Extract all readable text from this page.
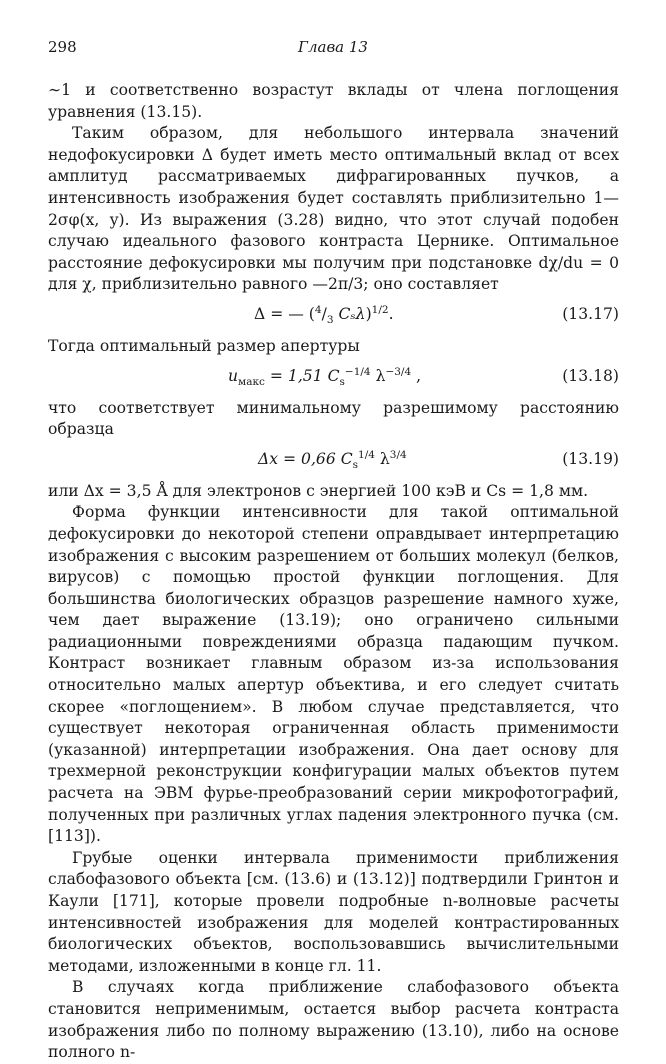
298	Глава 13

∼1 и соответственно возрастут вклады от члена поглощения уравнения (13.15).

Таким образом, для небольшого интервала значений недофокусировки Δ будет иметь место оптимальный вклад от всех амплитуд рассматриваемых дифрагированных пучков, а интенсивность изображения будет составлять приблизительно 1—2σφ(x, y). Из выражения (3.28) видно, что этот случай подобен случаю идеального фазового контраста Цернике. Оптимальное расстояние дефокусировки мы получим при подстановке dχ/du = 0 для χ, приблизительно равного —2π/3; оно составляет

Δ = — ($^4/_3$ Cₛλ)$^{1/2}$.	(13.17)

Тогда оптимальный размер апертуры

$u_{макс} = 1,51$ $C_s^{-1/4}$ $\lambda^{-3/4}$ ,	(13.18)

что соответствует минимальному разрешимому расстоянию образца

Δx = 0,66 $C_s^{1/4}$ $\lambda^{3/4}$	(13.19)

или Δx = 3,5 Å для электронов с энергией 100 кэВ и Cs = 1,8 мм.

Форма функции интенсивности для такой оптимальной дефокусировки до некоторой степени оправдывает интерпретацию изображения с высоким разрешением от больших молекул (белков, вирусов) с помощью простой функции поглощения. Для большинства биологических образцов разрешение намного хуже, чем дает выражение (13.19); оно ограничено сильными радиационными повреждениями образца падающим пучком. Контраст возникает главным образом из-за использования относительно малых апертур объектива, и его следует считать скорее «поглощением». В любом случае представляется, что существует некоторая ограниченная область применимости (указанной) интерпретации изображения. Она дает основу для трехмерной реконструкции конфигурации малых объектов путем расчета на ЭВМ фурье-преобразований серии микрофотографий, полученных при различных углах падения электронного пучка (см. [113]).

Грубые оценки интервала применимости приближения слабофазового объекта [см. (13.6) и (13.12)] подтвердили Гринтон и Каули [171], которые провели подробные n-волновые расчеты интенсивностей изображения для моделей контрастированных биологических объектов, воспользовавшись вычислительными методами, изложенными в конце гл. 11.

В случаях когда приближение слабофазового объекта становится неприменимым, остается выбор расчета контраста изображения либо по полному выражению (13.10), либо на основе полного n-
